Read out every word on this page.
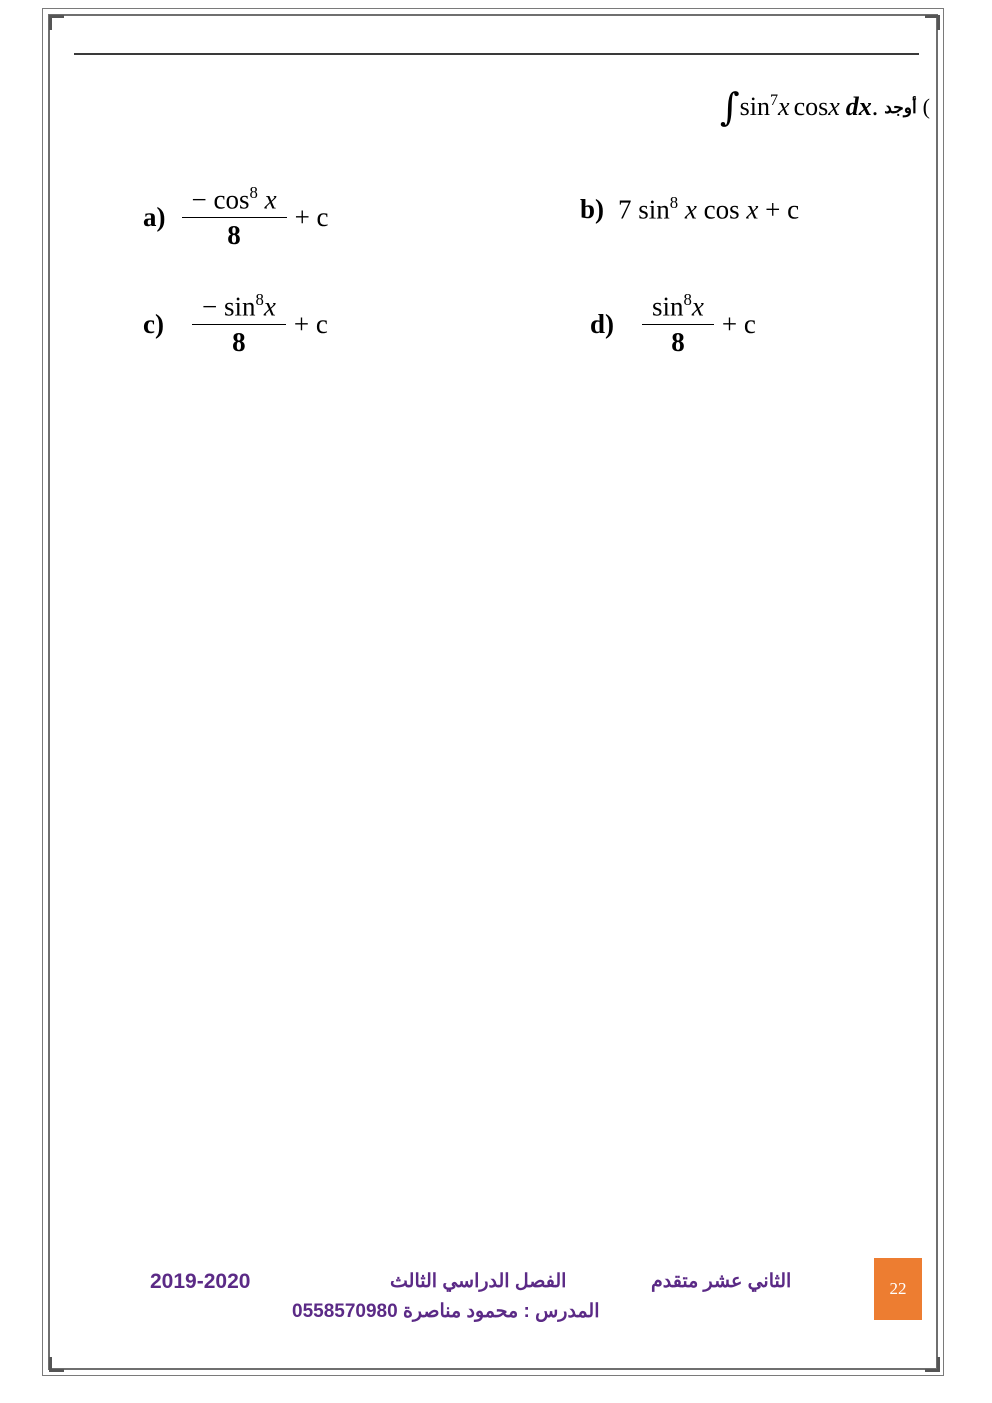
) أوجد $\int\sin^7x$ cosx dx.
$a) \frac{- \cos^8 x}{8} + c$	b) 7 $\sin^8 x$ cos x + c
$c) \frac{- \sin^8x}{8} + c$	$d) \frac{\sin^8x}{8} + c$
2019-2020	الفصل الدراسي الثالث	الثاني عشر متقدم
المدرس : محمود مناصرة 0558570980
22
